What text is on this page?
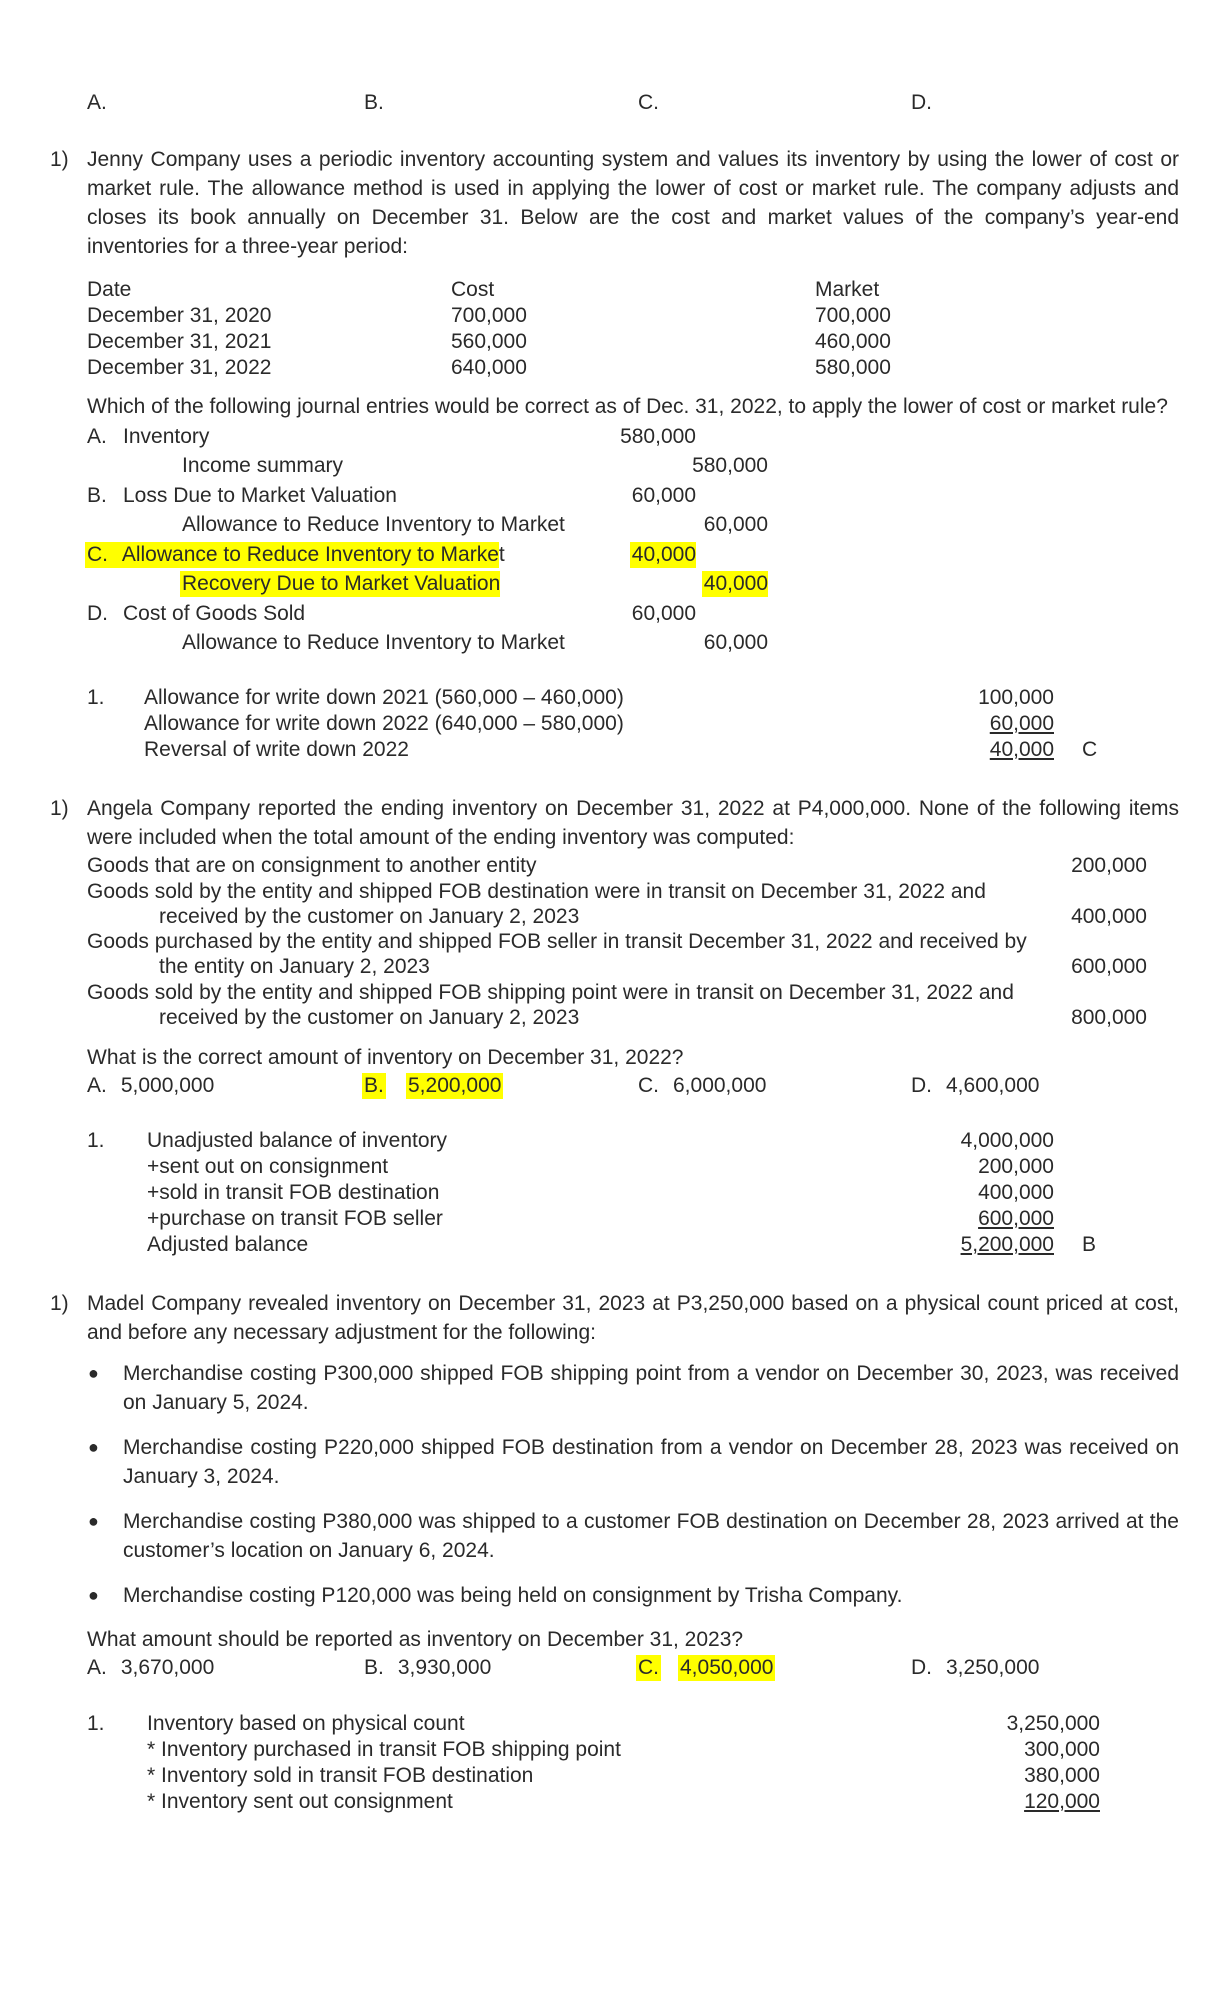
A.	B.	C.	D.
1) Jenny Company uses a periodic inventory accounting system and values its inventory by using the lower of cost or market rule. The allowance method is used in applying the lower of cost or market rule. The company adjusts and closes its book annually on December 31. Below are the cost and market values of the company’s year-end inventories for a three-year period:
Date	Cost	Market
December 31, 2020	700,000	700,000
December 31, 2021	560,000	460,000
December 31, 2022	640,000	580,000
Which of the following journal entries would be correct as of Dec. 31, 2022, to apply the lower of cost or market rule?
A. Inventory	580,000
Income summary	580,000
B. Loss Due to Market Valuation	60,000
Allowance to Reduce Inventory to Market	60,000
C. Allowance to Reduce Inventory to Market	40,000
Recovery Due to Market Valuation	40,000
D. Cost of Goods Sold	60,000
Allowance to Reduce Inventory to Market	60,000
1. Allowance for write down 2021 (560,000 – 460,000)	100,000
Allowance for write down 2022 (640,000 – 580,000)	60,000
Reversal of write down 2022	40,000 C
1) Angela Company reported the ending inventory on December 31, 2022 at P4,000,000. None of the following items were included when the total amount of the ending inventory was computed:
Goods that are on consignment to another entity	200,000
Goods sold by the entity and shipped FOB destination were in transit on December 31, 2022 and
received by the customer on January 2, 2023	400,000
Goods purchased by the entity and shipped FOB seller in transit December 31, 2022 and received by
the entity on January 2, 2023	600,000
Goods sold by the entity and shipped FOB shipping point were in transit on December 31, 2022 and
received by the customer on January 2, 2023	800,000
What is the correct amount of inventory on December 31, 2022?
A. 5,000,000	B. 5,200,000	C. 6,000,000	D. 4,600,000
1. Unadjusted balance of inventory	4,000,000
+sent out on consignment	200,000
+sold in transit FOB destination	400,000
+purchase on transit FOB seller	600,000
Adjusted balance	5,200,000 B
1) Madel Company revealed inventory on December 31, 2023 at P3,250,000 based on a physical count priced at cost, and before any necessary adjustment for the following:
● Merchandise costing P300,000 shipped FOB shipping point from a vendor on December 30, 2023, was received on January 5, 2024.
● Merchandise costing P220,000 shipped FOB destination from a vendor on December 28, 2023 was received on January 3, 2024.
● Merchandise costing P380,000 was shipped to a customer FOB destination on December 28, 2023 arrived at the customer’s location on January 6, 2024.
● Merchandise costing P120,000 was being held on consignment by Trisha Company.
What amount should be reported as inventory on December 31, 2023?
A. 3,670,000	B. 3,930,000	C. 4,050,000	D. 3,250,000
1. Inventory based on physical count	3,250,000
* Inventory purchased in transit FOB shipping point	300,000
* Inventory sold in transit FOB destination	380,000
* Inventory sent out consignment	120,000
